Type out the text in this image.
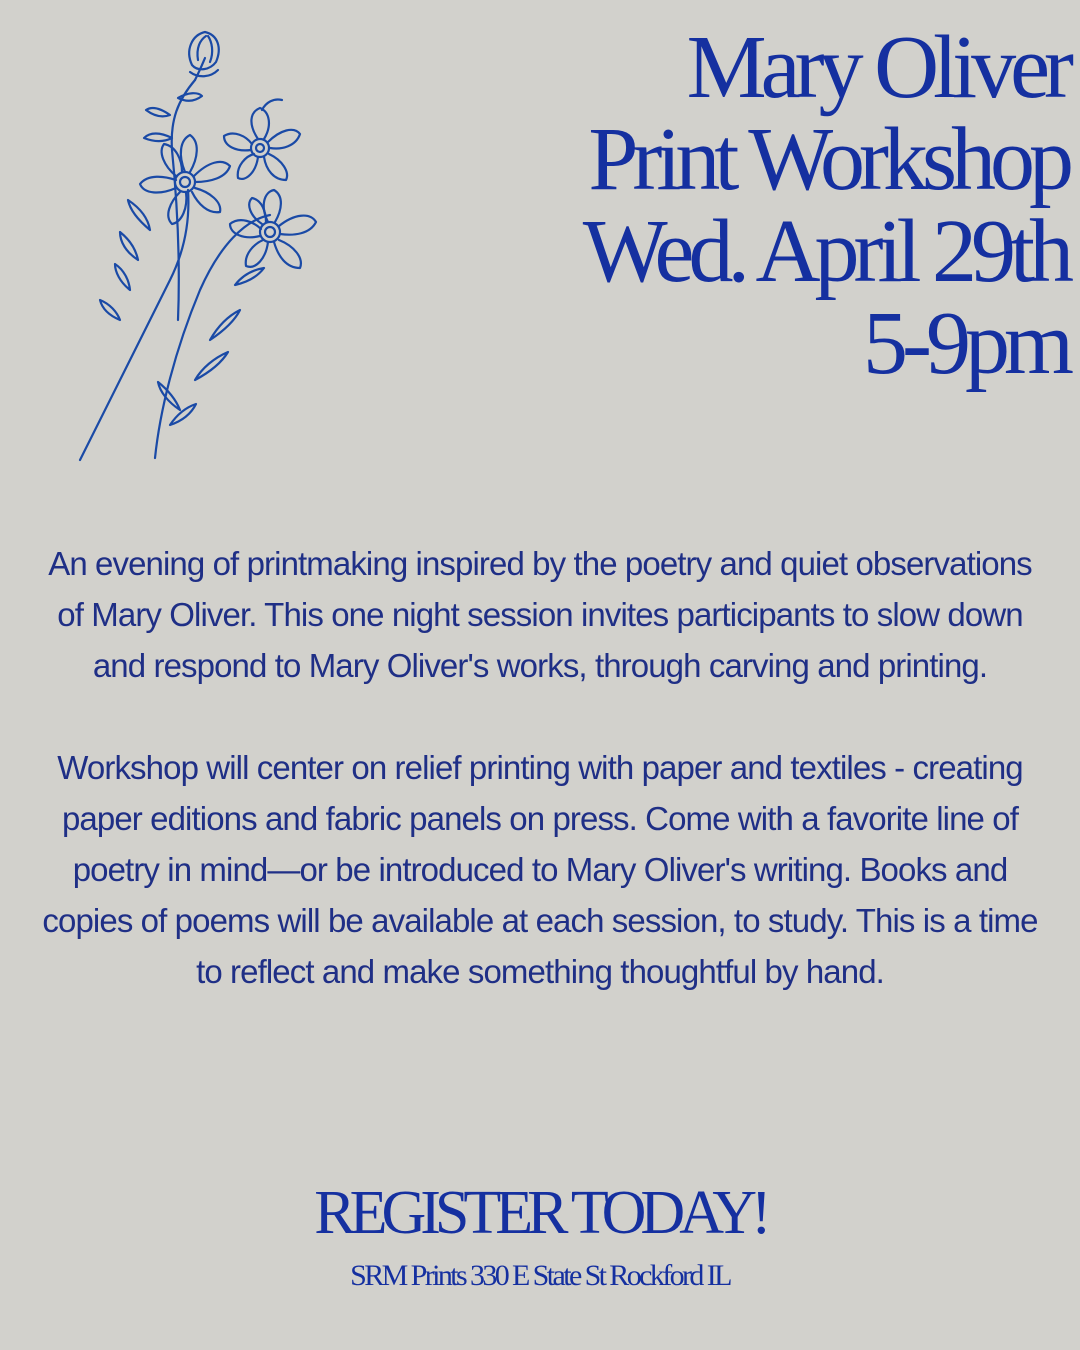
Mary Oliver
Print Workshop
Wed. April 29th
5-9pm

An evening of printmaking inspired by the poetry and quiet observations of Mary Oliver. This one night session invites participants to slow down and respond to Mary Oliver's works, through carving and printing.

Workshop will center on relief printing with paper and textiles - creating paper editions and fabric panels on press. Come with a favorite line of poetry in mind—or be introduced to Mary Oliver's writing. Books and copies of poems will be available at each session, to study. This is a time to reflect and make something thoughtful by hand.

REGISTER TODAY!
SRM Prints 330 E State St Rockford IL
